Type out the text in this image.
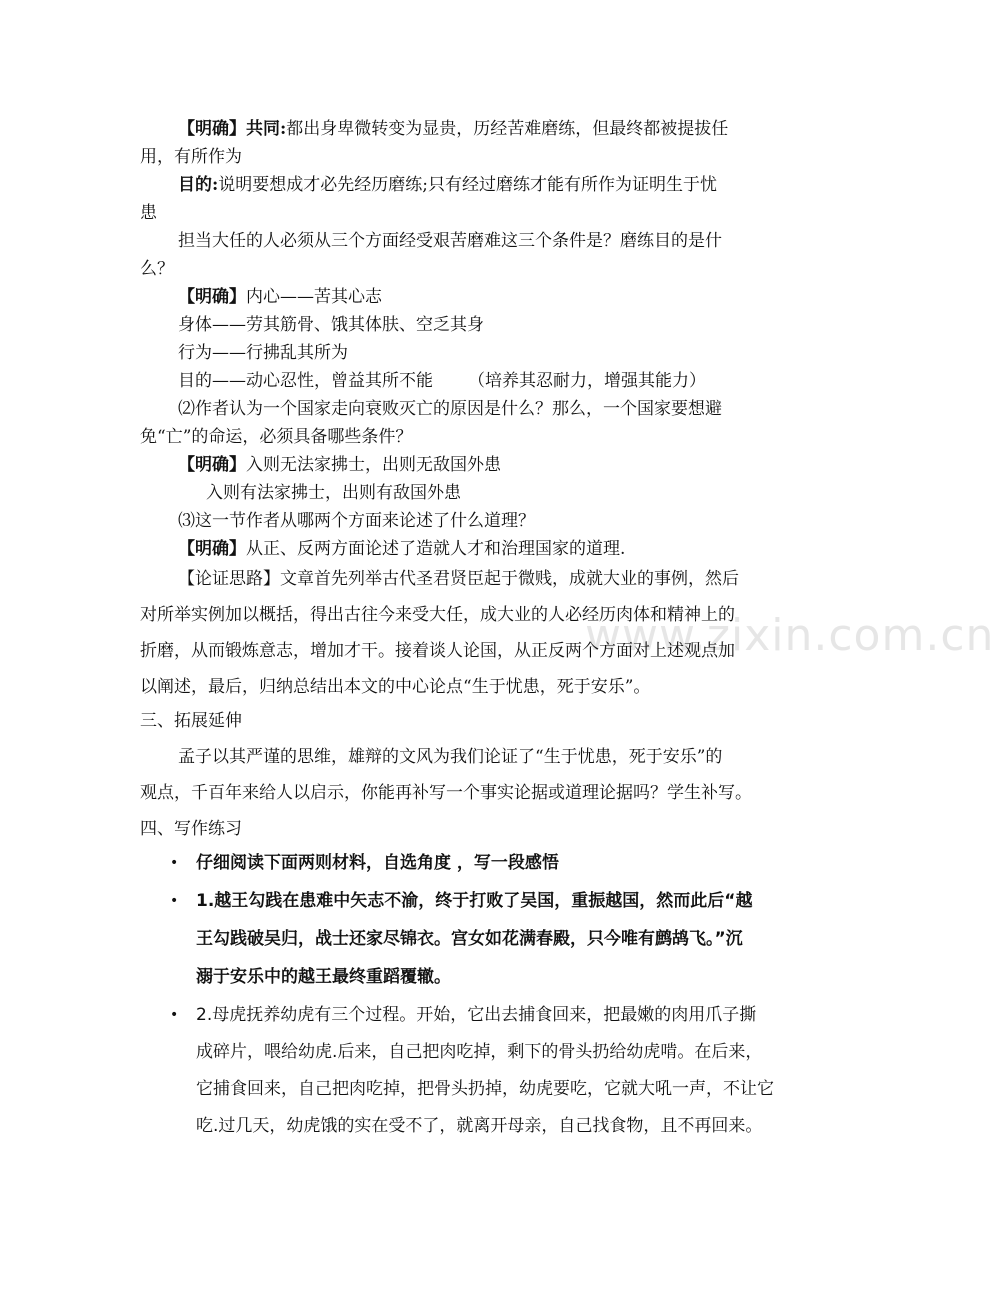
www.zixin.com.cn
【明确】共同:都出身卑微转变为显贵，历经苦难磨练，但最终都被提拔任
用，有所作为
目的:说明要想成才必先经历磨练;只有经过磨练才能有所作为证明生于忧
患
担当大任的人必须从三个方面经受艰苦磨难这三个条件是？磨练目的是什
么？
【明确】内心——苦其心志
身体——劳其筋骨、饿其体肤、空乏其身
行为——行拂乱其所为
目的——动心忍性，曾益其所不能 （培养其忍耐力，增强其能力）
⑵作者认为一个国家走向衰败灭亡的原因是什么？那么，一个国家要想避
免“亡”的命运，必须具备哪些条件？
【明确】入则无法家拂士，出则无敌国外患
入则有法家拂士，出则有敌国外患
⑶这一节作者从哪两个方面来论述了什么道理？
【明确】从正、反两方面论述了造就人才和治理国家的道理.
【论证思路】文章首先列举古代圣君贤臣起于微贱，成就大业的事例，然后
对所举实例加以概括，得出古往今来受大任，成大业的人必经历肉体和精神上的
折磨，从而锻炼意志，增加才干。接着谈人论国，从正反两个方面对上述观点加
以阐述，最后，归纳总结出本文的中心论点“生于忧患，死于安乐”。
三、拓展延伸
孟子以其严谨的思维，雄辩的文风为我们论证了“生于忧患，死于安乐”的
观点，千百年来给人以启示，你能再补写一个事实论据或道理论据吗？学生补写。
四、写作练习
• 仔细阅读下面两则材料，自选角度 ，写一段感悟
• 1.越王勾践在患难中矢志不渝，终于打败了吴国，重振越国，然而此后“越
王勾践破吴归，战士还家尽锦衣。宫女如花满春殿，只今唯有鹧鸪飞。”沉
溺于安乐中的越王最终重蹈覆辙。
• 2.母虎抚养幼虎有三个过程。开始，它出去捕食回来，把最嫩的肉用爪子撕
成碎片，喂给幼虎.后来，自己把肉吃掉，剩下的骨头扔给幼虎啃。在后来，
它捕食回来，自己把肉吃掉，把骨头扔掉，幼虎要吃，它就大吼一声，不让它
吃.过几天，幼虎饿的实在受不了，就离开母亲，自己找食物，且不再回来。
